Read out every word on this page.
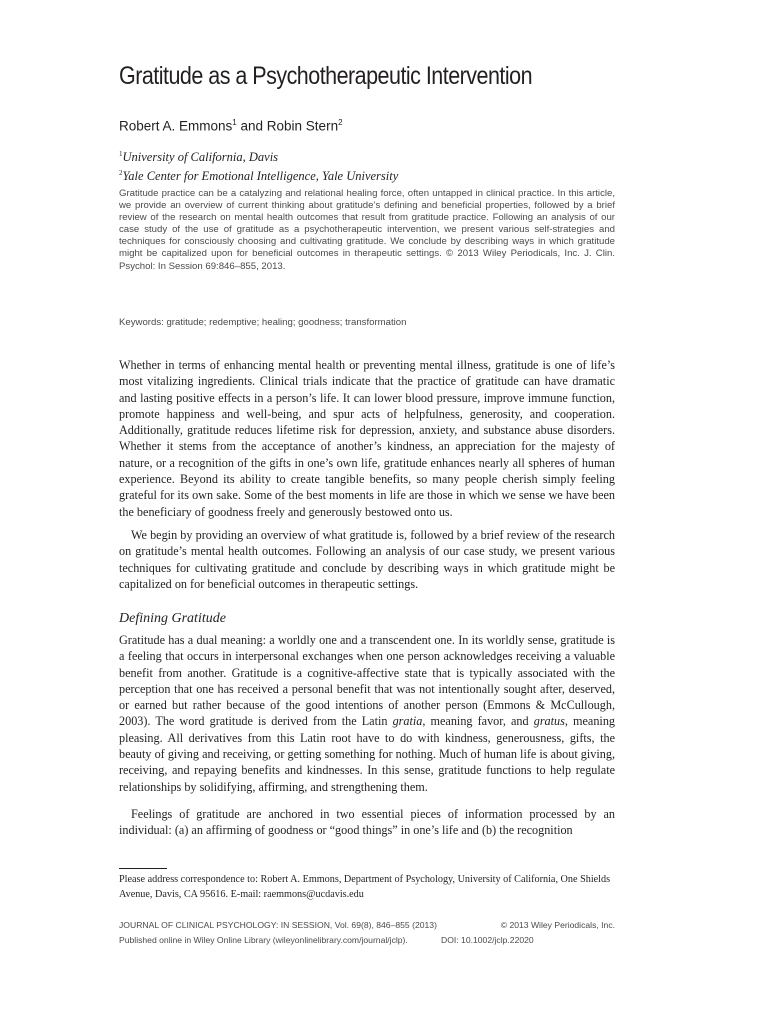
Gratitude as a Psychotherapeutic Intervention
Robert A. Emmons$^1$ and Robin Stern$^2$
$^1$University of California, Davis
$^2$Yale Center for Emotional Intelligence, Yale University

Gratitude practice can be a catalyzing and relational healing force, often untapped in clinical practice. In this article, we provide an overview of current thinking about gratitude’s defining and beneficial properties, followed by a brief review of the research on mental health outcomes that result from gratitude practice. Following an analysis of our case study of the use of gratitude as a psychotherapeutic intervention, we present various self-strategies and techniques for consciously choosing and cultivating gratitude. We conclude by describing ways in which gratitude might be capitalized upon for beneficial outcomes in therapeutic settings. © 2013 Wiley Periodicals, Inc. J. Clin. Psychol: In Session 69:846–855, 2013.

Keywords: gratitude; redemptive; healing; goodness; transformation

Whether in terms of enhancing mental health or preventing mental illness, gratitude is one of life’s most vitalizing ingredients. Clinical trials indicate that the practice of gratitude can have dramatic and lasting positive effects in a person’s life. It can lower blood pressure, improve immune function, promote happiness and well-being, and spur acts of helpfulness, generosity, and cooperation. Additionally, gratitude reduces lifetime risk for depression, anxiety, and substance abuse disorders. Whether it stems from the acceptance of another’s kindness, an appreciation for the majesty of nature, or a recognition of the gifts in one’s own life, gratitude enhances nearly all spheres of human experience. Beyond its ability to create tangible benefits, so many people cherish simply feeling grateful for its own sake. Some of the best moments in life are those in which we sense we have been the beneficiary of goodness freely and generously bestowed onto us.

We begin by providing an overview of what gratitude is, followed by a brief review of the research on gratitude’s mental health outcomes. Following an analysis of our case study, we present various techniques for cultivating gratitude and conclude by describing ways in which gratitude might be capitalized on for beneficial outcomes in therapeutic settings.

Defining Gratitude

Gratitude has a dual meaning: a worldly one and a transcendent one. In its worldly sense, gratitude is a feeling that occurs in interpersonal exchanges when one person acknowledges receiving a valuable benefit from another. Gratitude is a cognitive-affective state that is typically associated with the perception that one has received a personal benefit that was not intentionally sought after, deserved, or earned but rather because of the good intentions of another person (Emmons & McCullough, 2003). The word gratitude is derived from the Latin gratia, meaning favor, and gratus, meaning pleasing. All derivatives from this Latin root have to do with kindness, generousness, gifts, the beauty of giving and receiving, or getting something for nothing. Much of human life is about giving, receiving, and repaying benefits and kindnesses. In this sense, gratitude functions to help regulate relationships by solidifying, affirming, and strengthening them.

Feelings of gratitude are anchored in two essential pieces of information processed by an individual: (a) an affirming of goodness or “good things” in one’s life and (b) the recognition

Please address correspondence to: Robert A. Emmons, Department of Psychology, University of California, One Shields Avenue, Davis, CA 95616. E-mail: raemmons@ucdavis.edu

JOURNAL OF CLINICAL PSYCHOLOGY: IN SESSION, Vol. 69(8), 846–855 (2013)	© 2013 Wiley Periodicals, Inc.
Published online in Wiley Online Library (wileyonlinelibrary.com/journal/jclp).	DOI: 10.1002/jclp.22020
